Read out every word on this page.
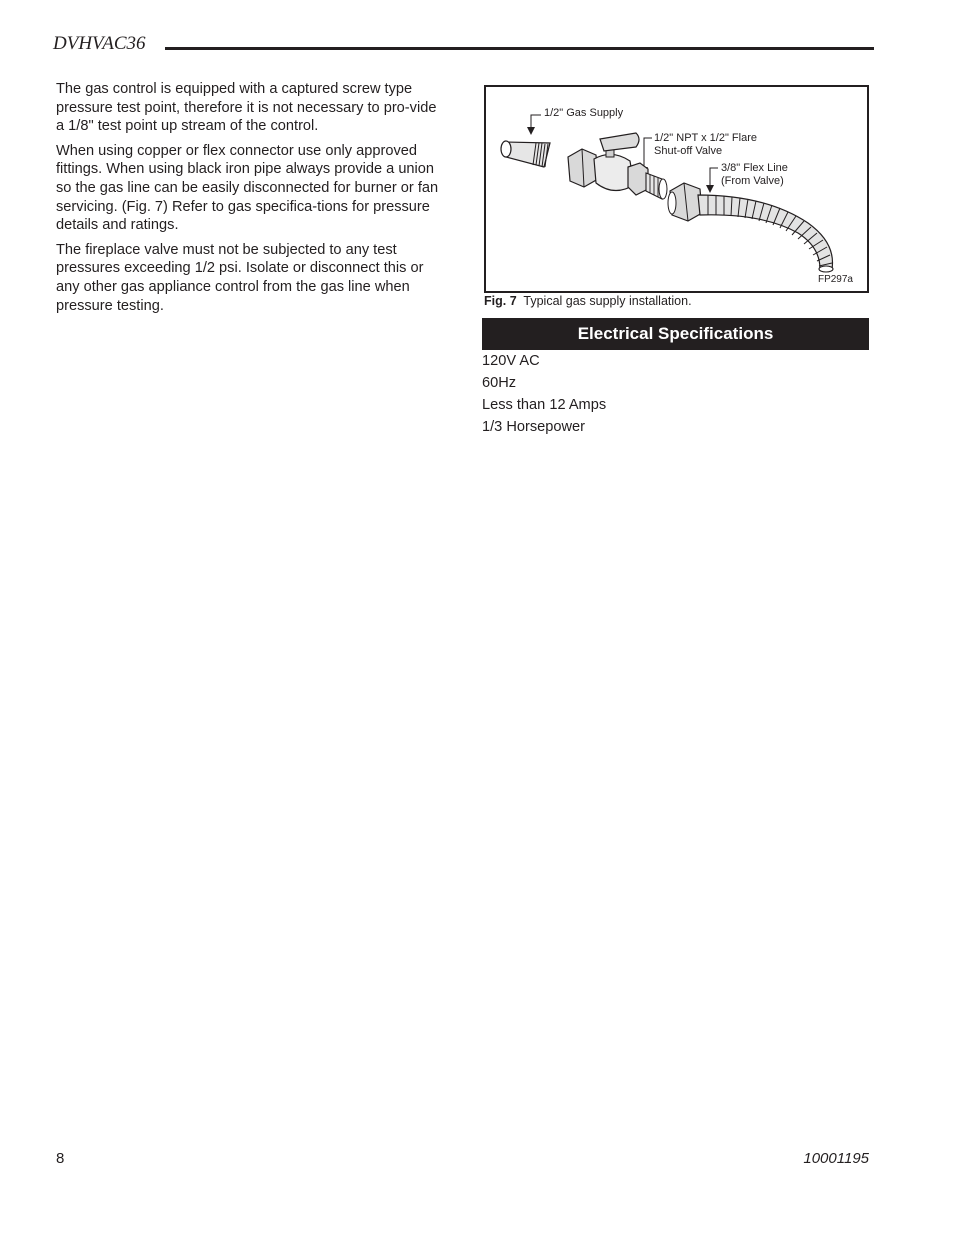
DVHVAC36

The gas control is equipped with a captured screw type pressure test point, therefore it is not necessary to pro-vide a 1/8" test point up stream of the control.

When using copper or flex connector use only approved fittings. When using black iron pipe always provide a union so the gas line can be easily disconnected for burner or fan servicing. (Fig. 7) Refer to gas specifica-tions for pressure details and ratings.

The fireplace valve must not be subjected to any test pressures exceeding 1/2 psi. Isolate or disconnect this or any other gas appliance control from the gas line when pressure testing.

1/2" Gas Supply
1/2" NPT x 1/2" Flare
Shut-off Valve
3/8" Flex Line
(From Valve)
FP297a
Fig. 7 Typical gas supply installation.
Electrical Specifications
120V AC
60Hz
Less than 12 Amps
1/3 Horsepower
8	10001195
